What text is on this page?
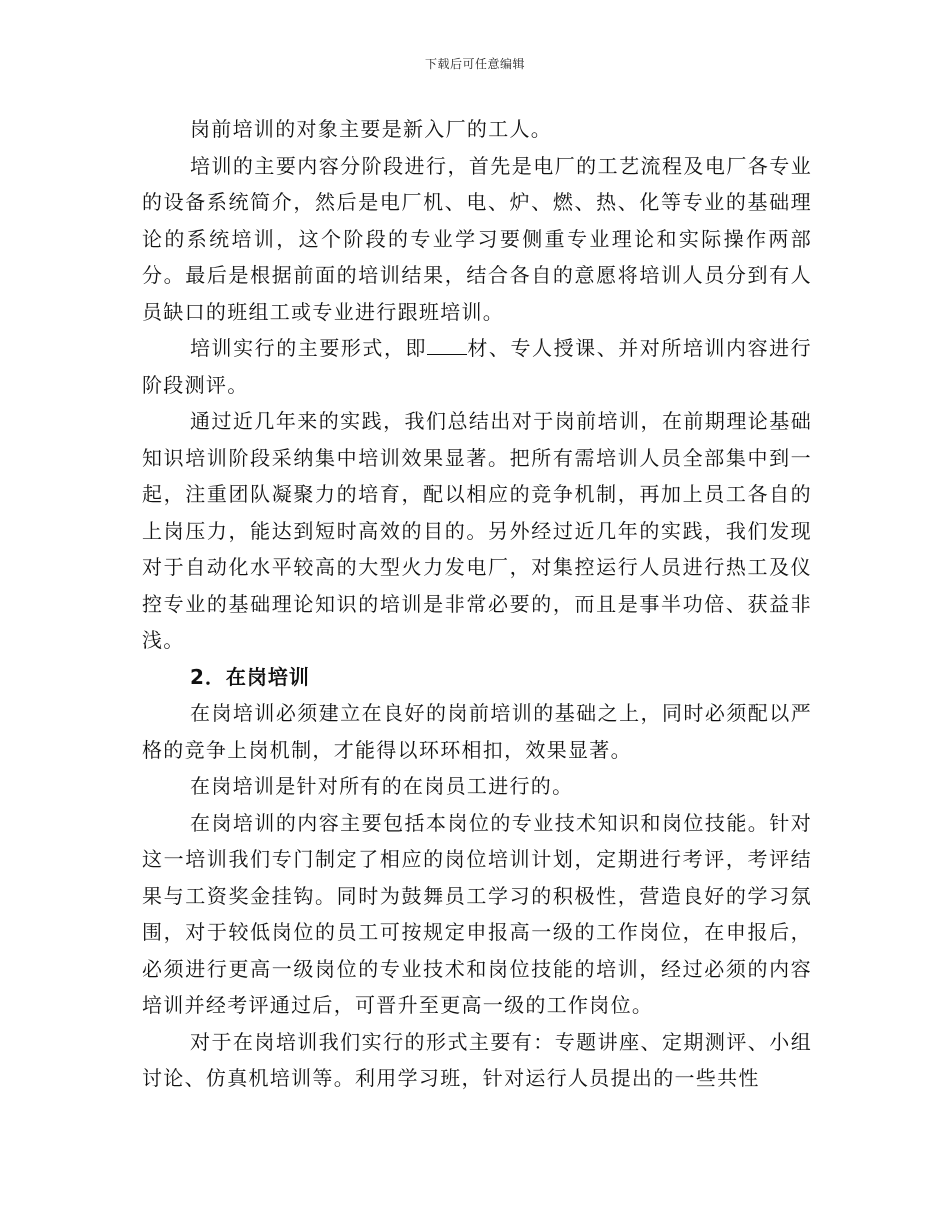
下载后可任意编辑

岗前培训的对象主要是新入厂的工人。

培训的主要内容分阶段进行，首先是电厂的工艺流程及电厂各专业的设备系统简介，然后是电厂机、电、炉、燃、热、化等专业的基础理论的系统培训，这个阶段的专业学习要侧重专业理论和实际操作两部分。最后是根据前面的培训结果，结合各自的意愿将培训人员分到有人员缺口的班组工或专业进行跟班培训。

培训实行的主要形式，即 材、专人授课、并对所培训内容进行阶段测评。

通过近几年来的实践，我们总结出对于岗前培训，在前期理论基础知识培训阶段采纳集中培训效果显著。把所有需培训人员全部集中到一起，注重团队凝聚力的培育，配以相应的竞争机制，再加上员工各自的上岗压力，能达到短时高效的目的。另外经过近几年的实践，我们发现对于自动化水平较高的大型火力发电厂，对集控运行人员进行热工及仪控专业的基础理论知识的培训是非常必要的，而且是事半功倍、获益非浅。

2．在岗培训

在岗培训必须建立在良好的岗前培训的基础之上，同时必须配以严格的竞争上岗机制，才能得以环环相扣，效果显著。

在岗培训是针对所有的在岗员工进行的。

在岗培训的内容主要包括本岗位的专业技术知识和岗位技能。针对这一培训我们专门制定了相应的岗位培训计划，定期进行考评，考评结果与工资奖金挂钩。同时为鼓舞员工学习的积极性，营造良好的学习氛围，对于较低岗位的员工可按规定申报高一级的工作岗位，在申报后，必须进行更高一级岗位的专业技术和岗位技能的培训，经过必须的内容培训并经考评通过后，可晋升至更高一级的工作岗位。

对于在岗培训我们实行的形式主要有：专题讲座、定期测评、小组讨论、仿真机培训等。利用学习班，针对运行人员提出的一些共性
